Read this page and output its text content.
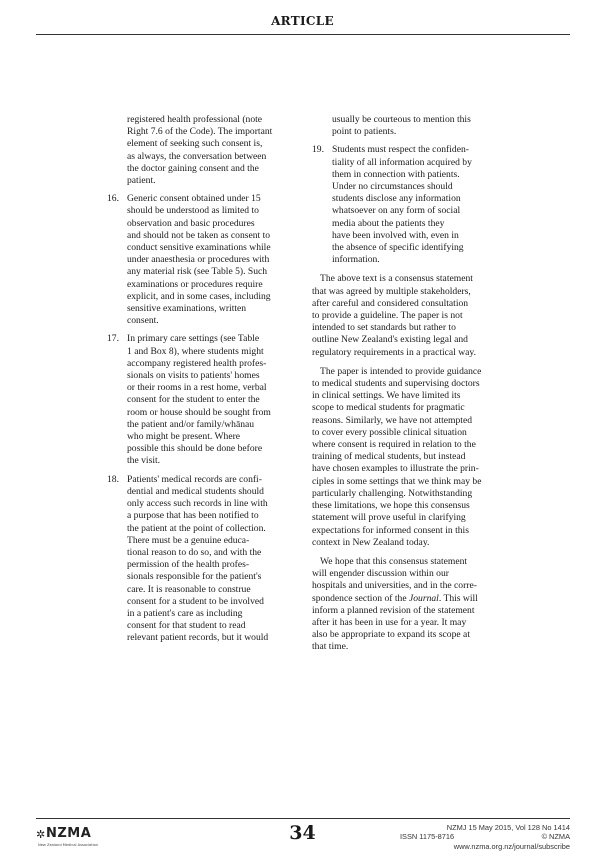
ARTICLE
registered health professional (note
Right 7.6 of the Code). The important
element of seeking such consent is,
as always, the conversation between
the doctor gaining consent and the
patient.
16. Generic consent obtained under 15
should be understood as limited to
observation and basic procedures
and should not be taken as consent to
conduct sensitive examinations while
under anaesthesia or procedures with
any material risk (see Table 5). Such
examinations or procedures require
explicit, and in some cases, including
sensitive examinations, written
consent.
17. In primary care settings (see Table
1 and Box 8), where students might
accompany registered health profes-
sionals on visits to patients' homes
or their rooms in a rest home, verbal
consent for the student to enter the
room or house should be sought from
the patient and/or family/whānau
who might be present. Where
possible this should be done before
the visit.
18. Patients' medical records are confi-
dential and medical students should
only access such records in line with
a purpose that has been notified to
the patient at the point of collection.
There must be a genuine educa-
tional reason to do so, and with the
permission of the health profes-
sionals responsible for the patient's
care. It is reasonable to construe
consent for a student to be involved
in a patient's care as including
consent for that student to read
relevant patient records, but it would
usually be courteous to mention this
point to patients.
19. Students must respect the confiden-
tiality of all information acquired by
them in connection with patients.
Under no circumstances should
students disclose any information
whatsoever on any form of social
media about the patients they
have been involved with, even in
the absence of specific identifying
information.
The above text is a consensus statement
that was agreed by multiple stakeholders,
after careful and considered consultation
to provide a guideline. The paper is not
intended to set standards but rather to
outline New Zealand's existing legal and
regulatory requirements in a practical way.
The paper is intended to provide guidance
to medical students and supervising doctors
in clinical settings. We have limited its
scope to medical students for pragmatic
reasons. Similarly, we have not attempted
to cover every possible clinical situation
where consent is required in relation to the
training of medical students, but instead
have chosen examples to illustrate the prin-
ciples in some settings that we think may be
particularly challenging. Notwithstanding
these limitations, we hope this consensus
statement will prove useful in clarifying
expectations for informed consent in this
context in New Zealand today.
We hope that this consensus statement
will engender discussion within our
hospitals and universities, and in the corre-
spondence section of the Journal. This will
inform a planned revision of the statement
after it has been in use for a year. It may
also be appropriate to expand its scope at
that time.
✲ NZMA
New Zealand Medical Association
34	NZMJ 15 May 2015, Vol 128 No 1414
ISSN 1175-8716	© NZMA
www.nzma.org.nz/journal/subscribe
